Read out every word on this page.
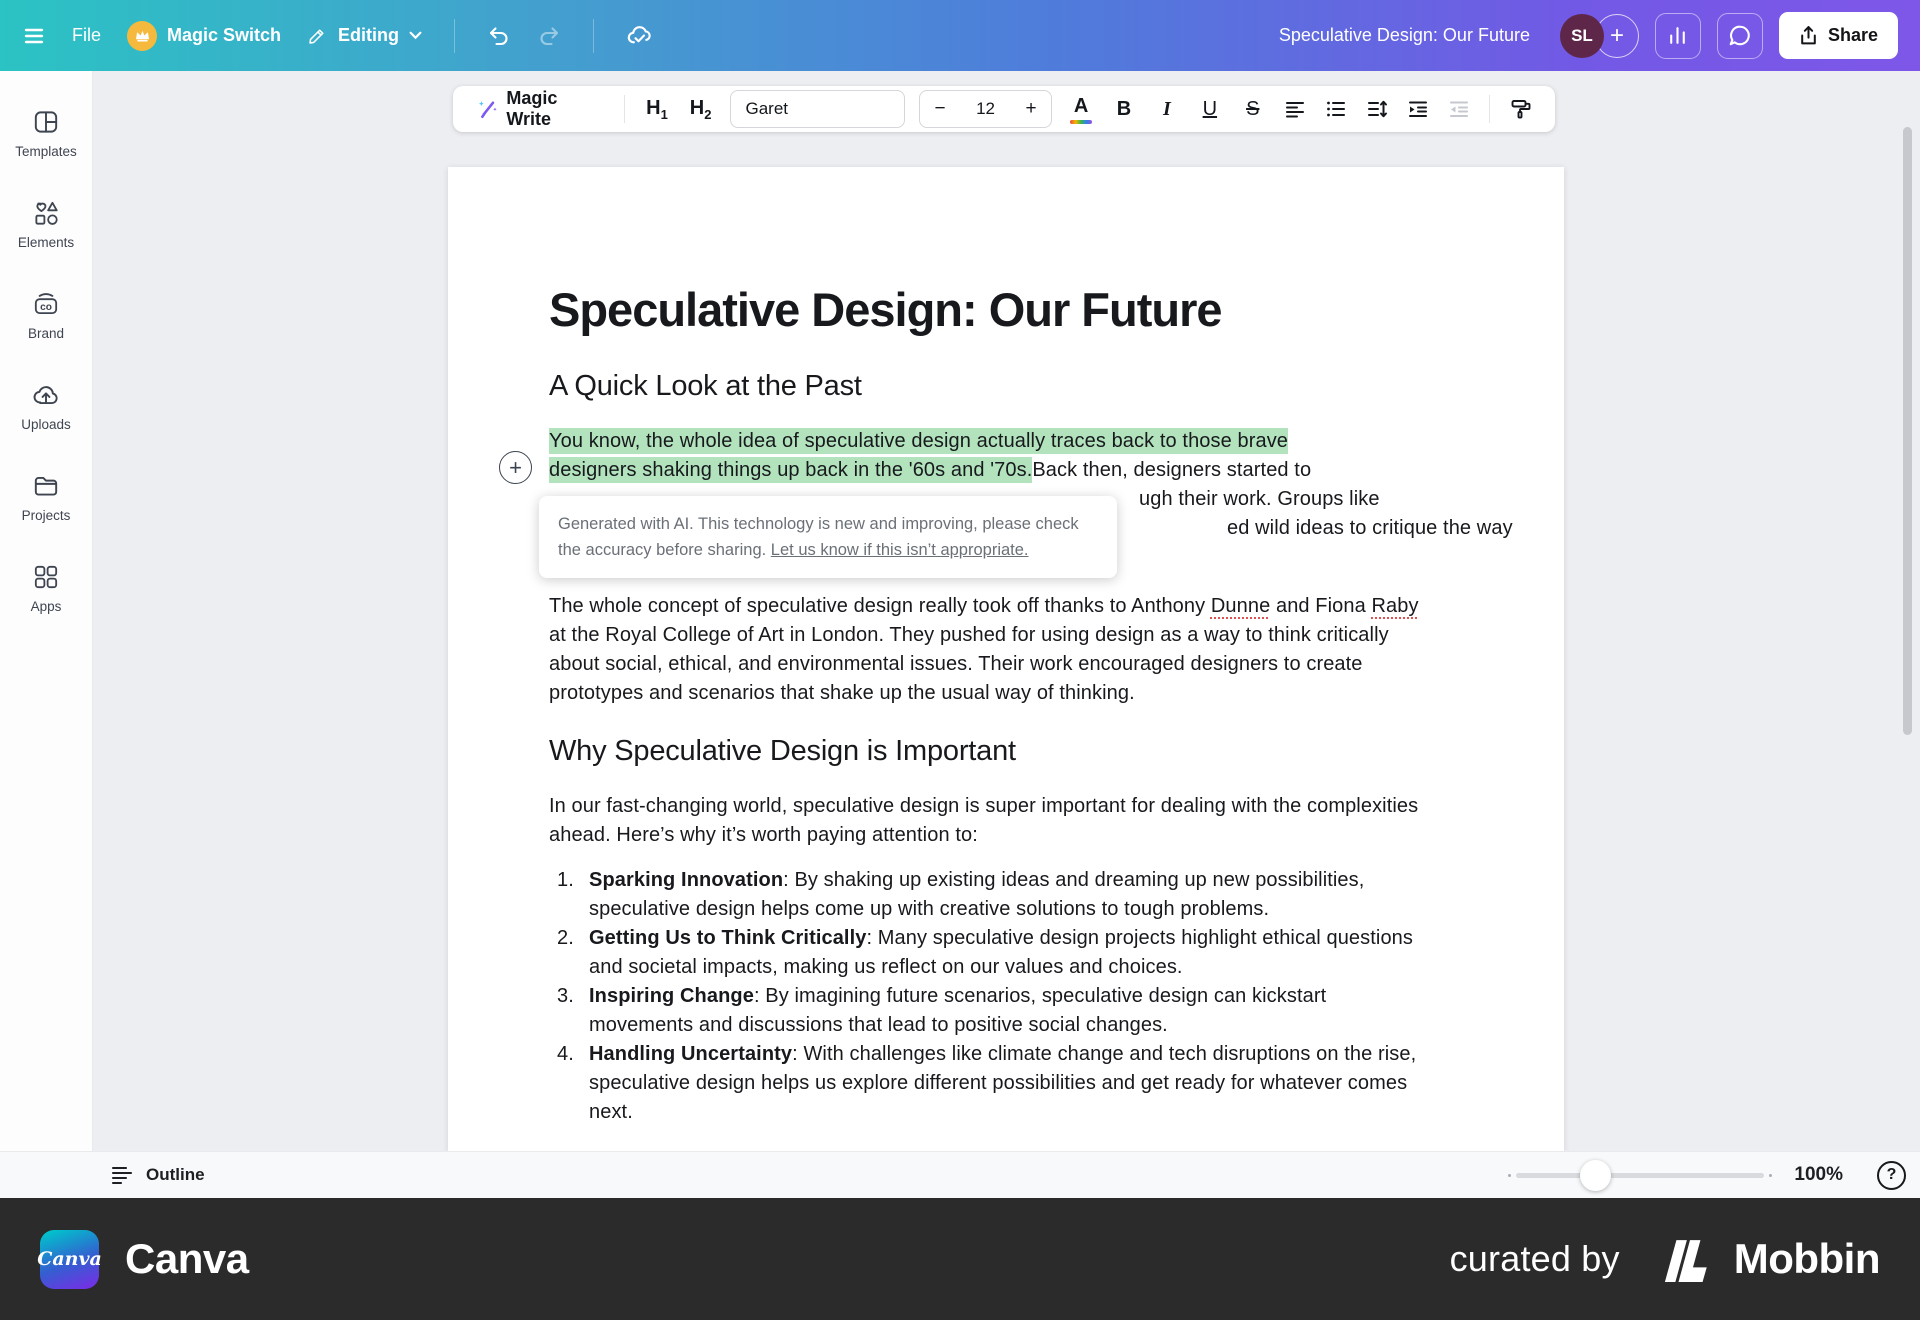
File	Magic Switch	Editing	Speculative Design: Our Future	SL +	Share
Templates
Elements
co
Brand
Uploads
Projects
Apps
Magic Write
$H_1$	$H_2$	Garet	− 12 + A	B	I	U	S
Speculative Design: Our Future
A Quick Look at the Past
You know, the whole idea of speculative design actually traces back to those brave
designers shaking things up back in the '60s and '70s.Back then, designers started to
ugh their work. Groups like
ed wild ideas to critique the way
The whole concept of speculative design really took off thanks to Anthony Dunne and Fiona Raby at the Royal College of Art in London. They pushed for using design as a way to think critically about social, ethical, and environmental issues. Their work encouraged designers to create prototypes and scenarios that shake up the usual way of thinking.
Why Speculative Design is Important
In our fast-changing world, speculative design is super important for dealing with the complexities ahead. Here’s why it’s worth paying attention to:
1. Sparking Innovation: By shaking up existing ideas and dreaming up new possibilities, speculative design helps come up with creative solutions to tough problems.
2. Getting Us to Think Critically: Many speculative design projects highlight ethical questions and societal impacts, making us reflect on our values and choices.
3. Inspiring Change: By imagining future scenarios, speculative design can kickstart movements and discussions that lead to positive social changes.
4. Handling Uncertainty: With challenges like climate change and tech disruptions on the rise, speculative design helps us explore different possibilities and get ready for whatever comes next.
+
Generated with AI. This technology is new and improving, please check the accuracy before sharing. Let us know if this isn’t appropriate.
Outline	100%	?
Canva Canva	curated by	Mobbin
